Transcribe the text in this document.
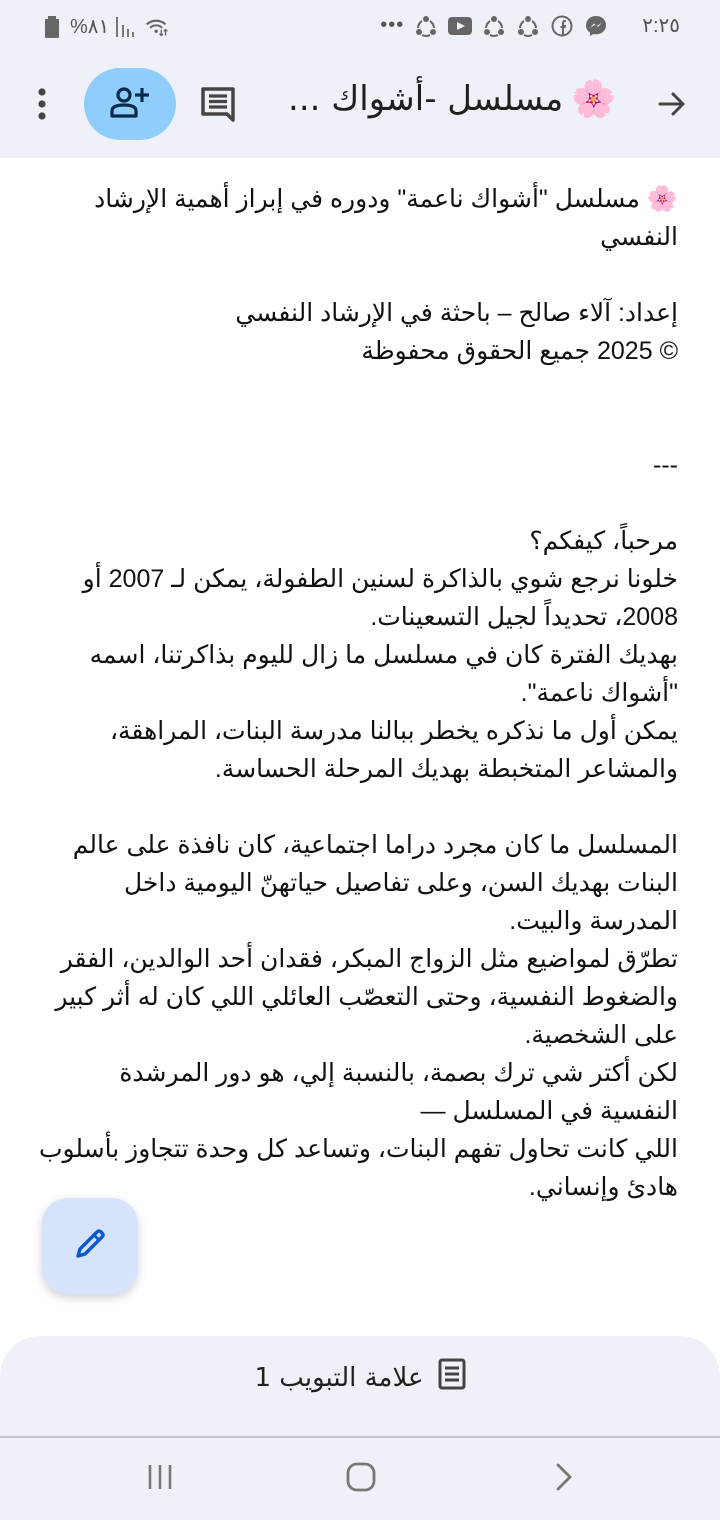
%٨١	•••	٢:٢٥
🌸
مسلسل -أشواك ...

🌸 مسلسل "أشواك ناعمة" ودوره في إبراز أهمية الإرشاد النفسي

إعداد: آلاء صالح – باحثة في الإرشاد النفسي

© 2025 جميع الحقوق محفوظة

---

مرحباً، كيفكم؟

خلونا نرجع شوي بالذاكرة لسنين الطفولة، يمكن لـ 2007 أو 2008، تحديداً لجيل التسعينات.

بهديك الفترة كان في مسلسل ما زال لليوم بذاكرتنا، اسمه "أشواك ناعمة".

يمكن أول ما نذكره يخطر ببالنا مدرسة البنات، المراهقة، والمشاعر المتخبطة بهديك المرحلة الحساسة.

المسلسل ما كان مجرد دراما اجتماعية، كان نافذة على عالم البنات بهديك السن، وعلى تفاصيل حياتهنّ اليومية داخل المدرسة والبيت.

تطرّق لمواضيع مثل الزواج المبكر، فقدان أحد الوالدين، الفقر والضغوط النفسية، وحتى التعصّب العائلي اللي كان له أثر كبير على الشخصية.

لكن أكتر شي ترك بصمة، بالنسبة إلي، هو دور المرشدة النفسية في المسلسل —

اللي كانت تحاول تفهم البنات، وتساعد كل وحدة تتجاوز بأسلوب هادئ وإنساني.

علامة التبويب 1
